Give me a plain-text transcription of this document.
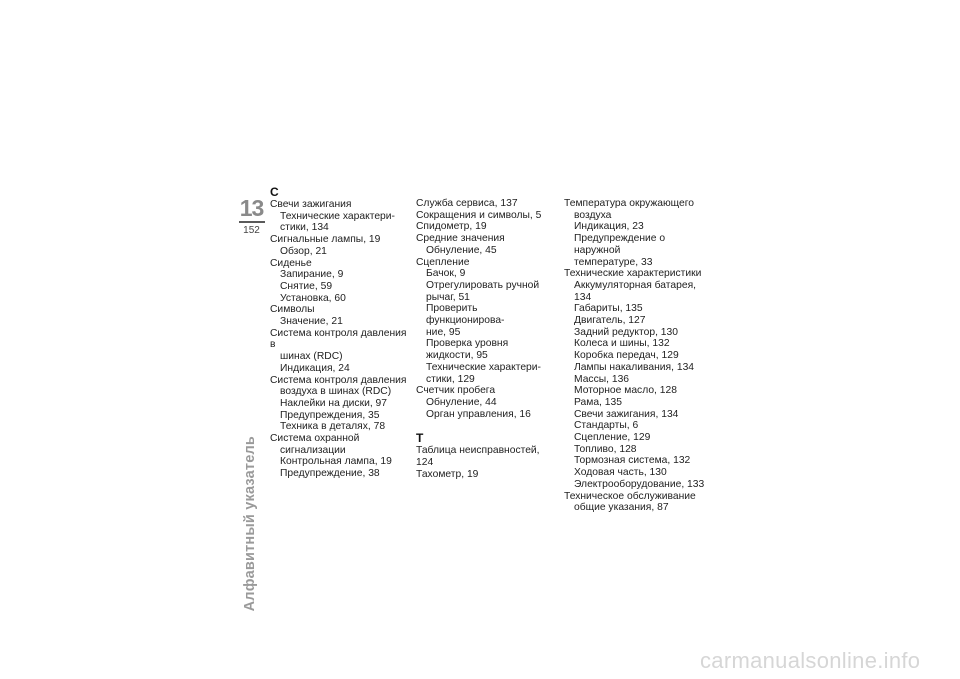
13
152
Алфавитный указатель
С
Свечи зажигания
Технические характери-
стики, 134
Сигнальные лампы, 19
Обзор, 21
Сиденье
Запирание, 9
Снятие, 59
Установка, 60
Символы
Значение, 21
Система контроля давления в
шинах (RDC)
Индикация, 24
Система контроля давления
воздуха в шинах (RDC)
Наклейки на диски, 97
Предупреждения, 35
Техника в деталях, 78
Система охранной
сигнализации
Контрольная лампа, 19
Предупреждение, 38
Служба сервиса, 137
Сокращения и символы, 5
Спидометр, 19
Средние значения
Обнуление, 45
Сцепление
Бачок, 9
Отрегулировать ручной
рычаг, 51
Проверить функционирова-
ние, 95
Проверка уровня
жидкости, 95
Технические характери-
стики, 129
Счетчик пробега
Обнуление, 44
Орган управления, 16
Т
Таблица неисправностей, 124
Тахометр, 19
Температура окружающего
воздуха
Индикация, 23
Предупреждение о наружной
температуре, 33
Технические характеристики
Аккумуляторная батарея, 134
Габариты, 135
Двигатель, 127
Задний редуктор, 130
Колеса и шины, 132
Коробка передач, 129
Лампы накаливания, 134
Массы, 136
Моторное масло, 128
Рама, 135
Свечи зажигания, 134
Стандарты, 6
Сцепление, 129
Топливо, 128
Тормозная система, 132
Ходовая часть, 130
Электрооборудование, 133
Техническое обслуживание
общие указания, 87
carmanualsonline.info
